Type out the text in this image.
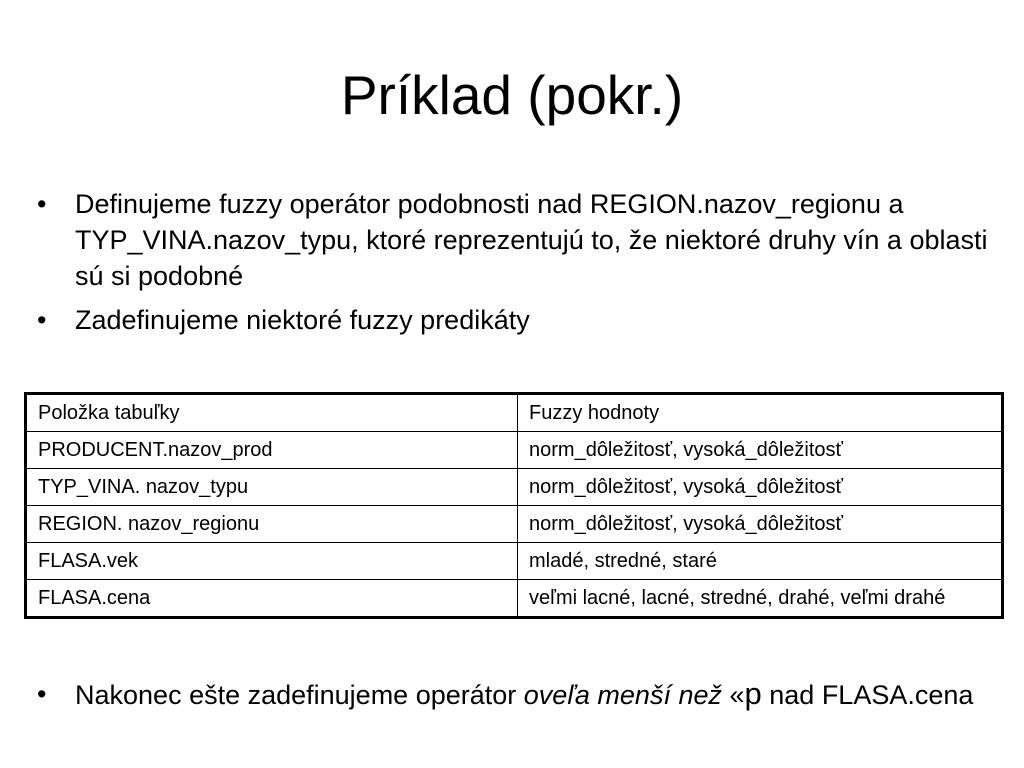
Príklad (pokr.)
• Definujeme fuzzy operátor podobnosti nad REGION.nazov_regionu a TYP_VINA.nazov_typu, ktoré reprezentujú to, že niektoré druhy vín a oblasti sú si podobné
• Zadefinujeme niektoré fuzzy predikáty
Položka tabuľky	Fuzzy hodnoty
PRODUCENT.nazov_prod	norm_dôležitosť, vysoká_dôležitosť
TYP_VINA. nazov_typu	norm_dôležitosť, vysoká_dôležitosť
REGION. nazov_regionu	norm_dôležitosť, vysoká_dôležitosť
FLASA.vek	mladé, stredné, staré
FLASA.cena	veľmi lacné, lacné, stredné, drahé, veľmi drahé
• Nakonec ešte zadefinujeme operátor oveľa menší než «p nad FLASA.cena
